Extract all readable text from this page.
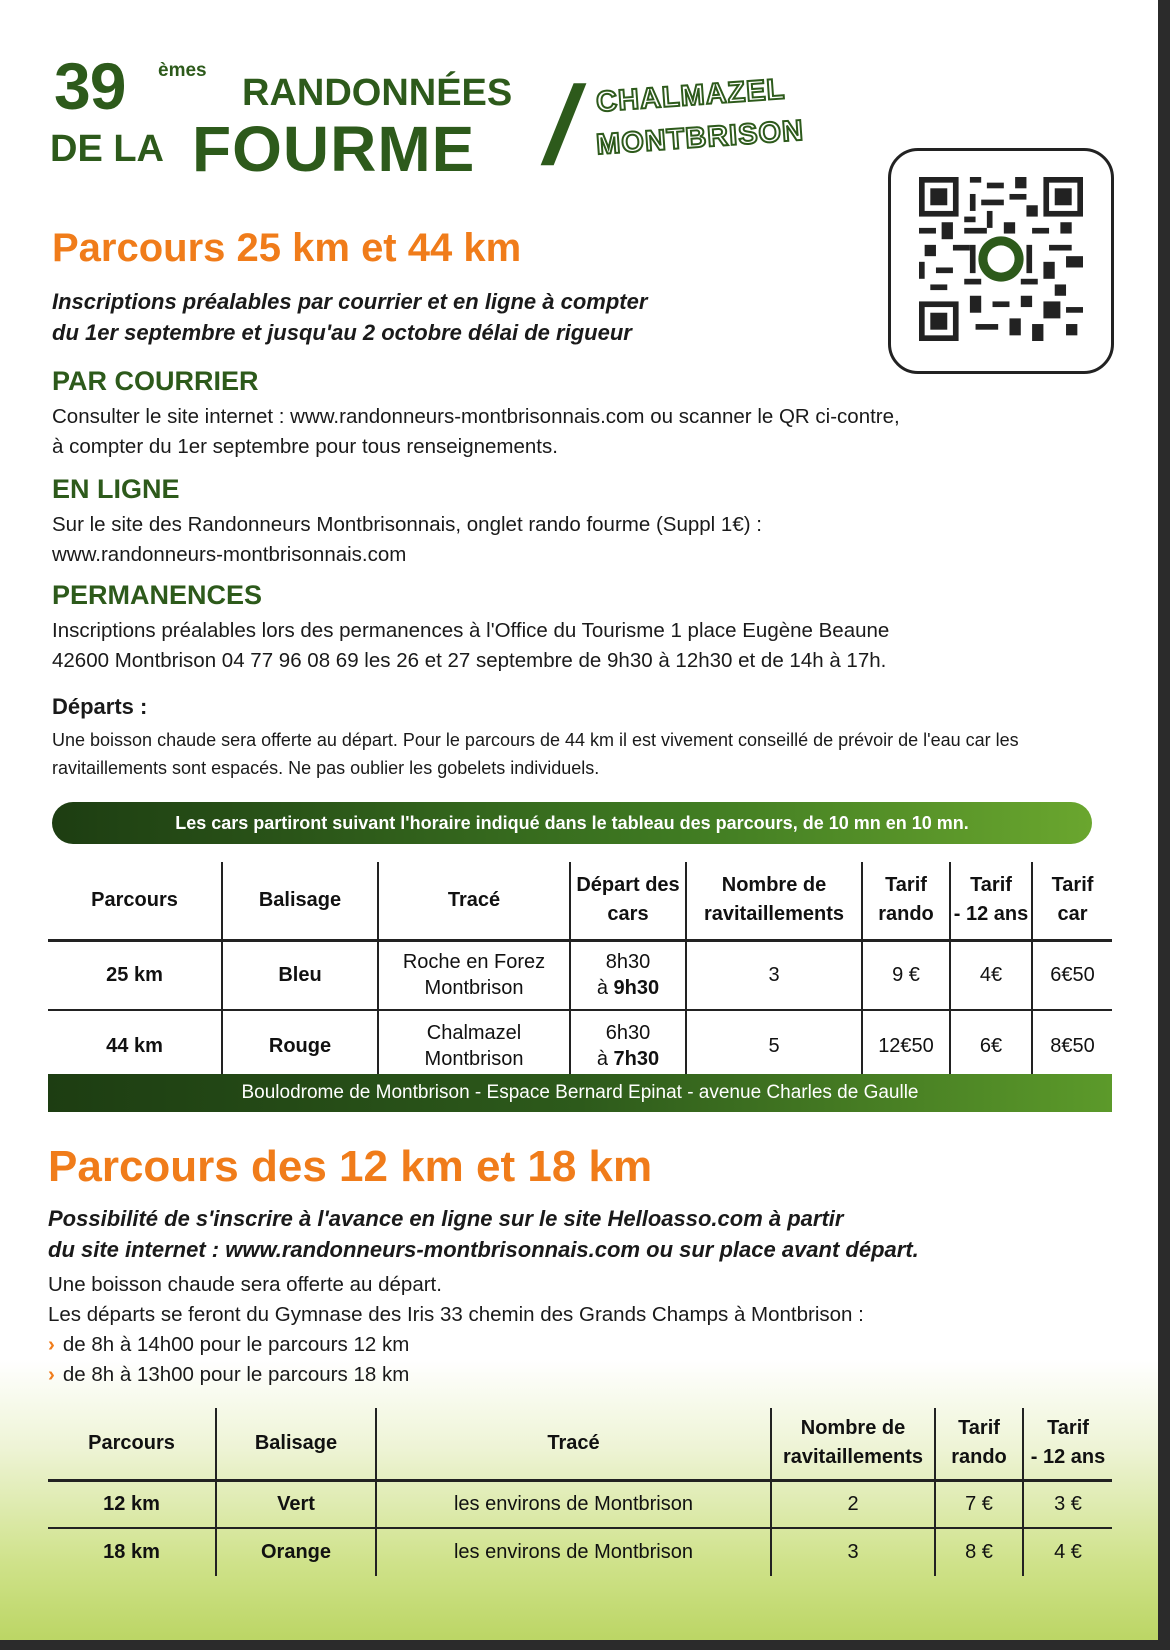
39 èmes
RANDONNÉES
DE LA FOURME / CHALMAZEL
MONTBRISON
Parcours 25 km et 44 km

Inscriptions préalables par courrier et en ligne à compter

du 1er septembre et jusqu'au 2 octobre délai de rigueur

PAR COURRIER

Consulter le site internet : www.randonneurs-montbrisonnais.com ou scanner le QR ci-contre,

à compter du 1er septembre pour tous renseignements.

EN LIGNE

Sur le site des Randonneurs Montbrisonnais, onglet rando fourme (Suppl 1€) :

www.randonneurs-montbrisonnais.com

PERMANENCES

Inscriptions préalables lors des permanences à l'Office du Tourisme 1 place Eugène Beaune

42600 Montbrison 04 77 96 08 69 les 26 et 27 septembre de 9h30 à 12h30 et de 14h à 17h.

Départs :

Une boisson chaude sera offerte au départ. Pour le parcours de 44 km il est vivement conseillé de prévoir de l'eau car les

ravitaillements sont espacés. Ne pas oublier les gobelets individuels.

Les cars partiront suivant l'horaire indiqué dans le tableau des parcours, de 10 mn en 10 mn.
Parcours	Balisage	Tracé	Départ des
cars	Nombre de
ravitaillements	Tarif
rando	Tarif
- 12 ans	Tarif
car
25 km	Bleu	Roche en Forez
Montbrison	8h30
à 9h30	3	9 €	4€	6€50
44 km	Rouge	Chalmazel
Montbrison	6h30
à 7h30	5	12€50	6€	8€50
Boulodrome de Montbrison - Espace Bernard Epinat - avenue Charles de Gaulle
Parcours des 12 km et 18 km

Possibilité de s'inscrire à l'avance en ligne sur le site Helloasso.com à partir

du site internet : www.randonneurs-montbrisonnais.com ou sur place avant départ.

Une boisson chaude sera offerte au départ.

Les départs se feront du Gymnase des Iris 33 chemin des Grands Champs à Montbrison :

› de 8h à 14h00 pour le parcours 12 km

› de 8h à 13h00 pour le parcours 18 km

Parcours	Balisage	Tracé	Nombre de
ravitaillements	Tarif
rando	Tarif
- 12 ans
12 km	Vert	les environs de Montbrison	2	7 €	3 €
18 km	Orange	les environs de Montbrison	3	8 €	4 €
